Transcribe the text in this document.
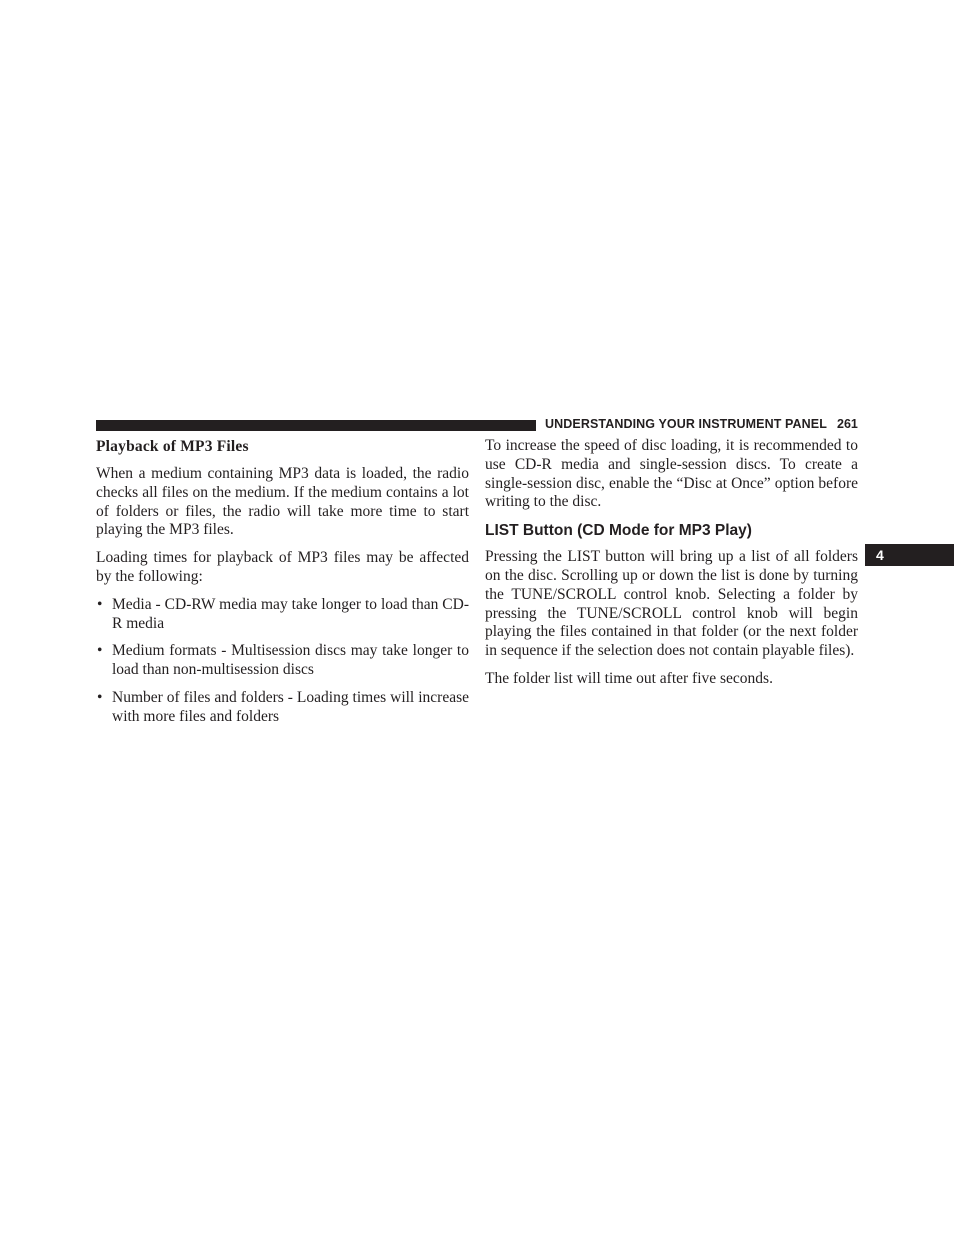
UNDERSTANDING YOUR INSTRUMENT PANEL 261
4
Playback of MP3 Files

When a medium containing MP3 data is loaded, the radio checks all files on the medium. If the medium contains a lot of folders or files, the radio will take more time to start playing the MP3 files.

Loading times for playback of MP3 files may be affected by the following:

• Media - CD-RW media may take longer to load than CD-R media
• Medium formats - Multisession discs may take longer to load than non-multisession discs
• Number of files and folders - Loading times will increase with more files and folders

To increase the speed of disc loading, it is recommended to use CD-R media and single-session discs. To create a single-session disc, enable the “Disc at Once” option before writing to the disc.

LIST Button (CD Mode for MP3 Play)

Pressing the LIST button will bring up a list of all folders on the disc. Scrolling up or down the list is done by turning the TUNE/SCROLL control knob. Selecting a folder by pressing the TUNE/SCROLL control knob will begin playing the files contained in that folder (or the next folder in sequence if the selection does not contain playable files).

The folder list will time out after five seconds.
